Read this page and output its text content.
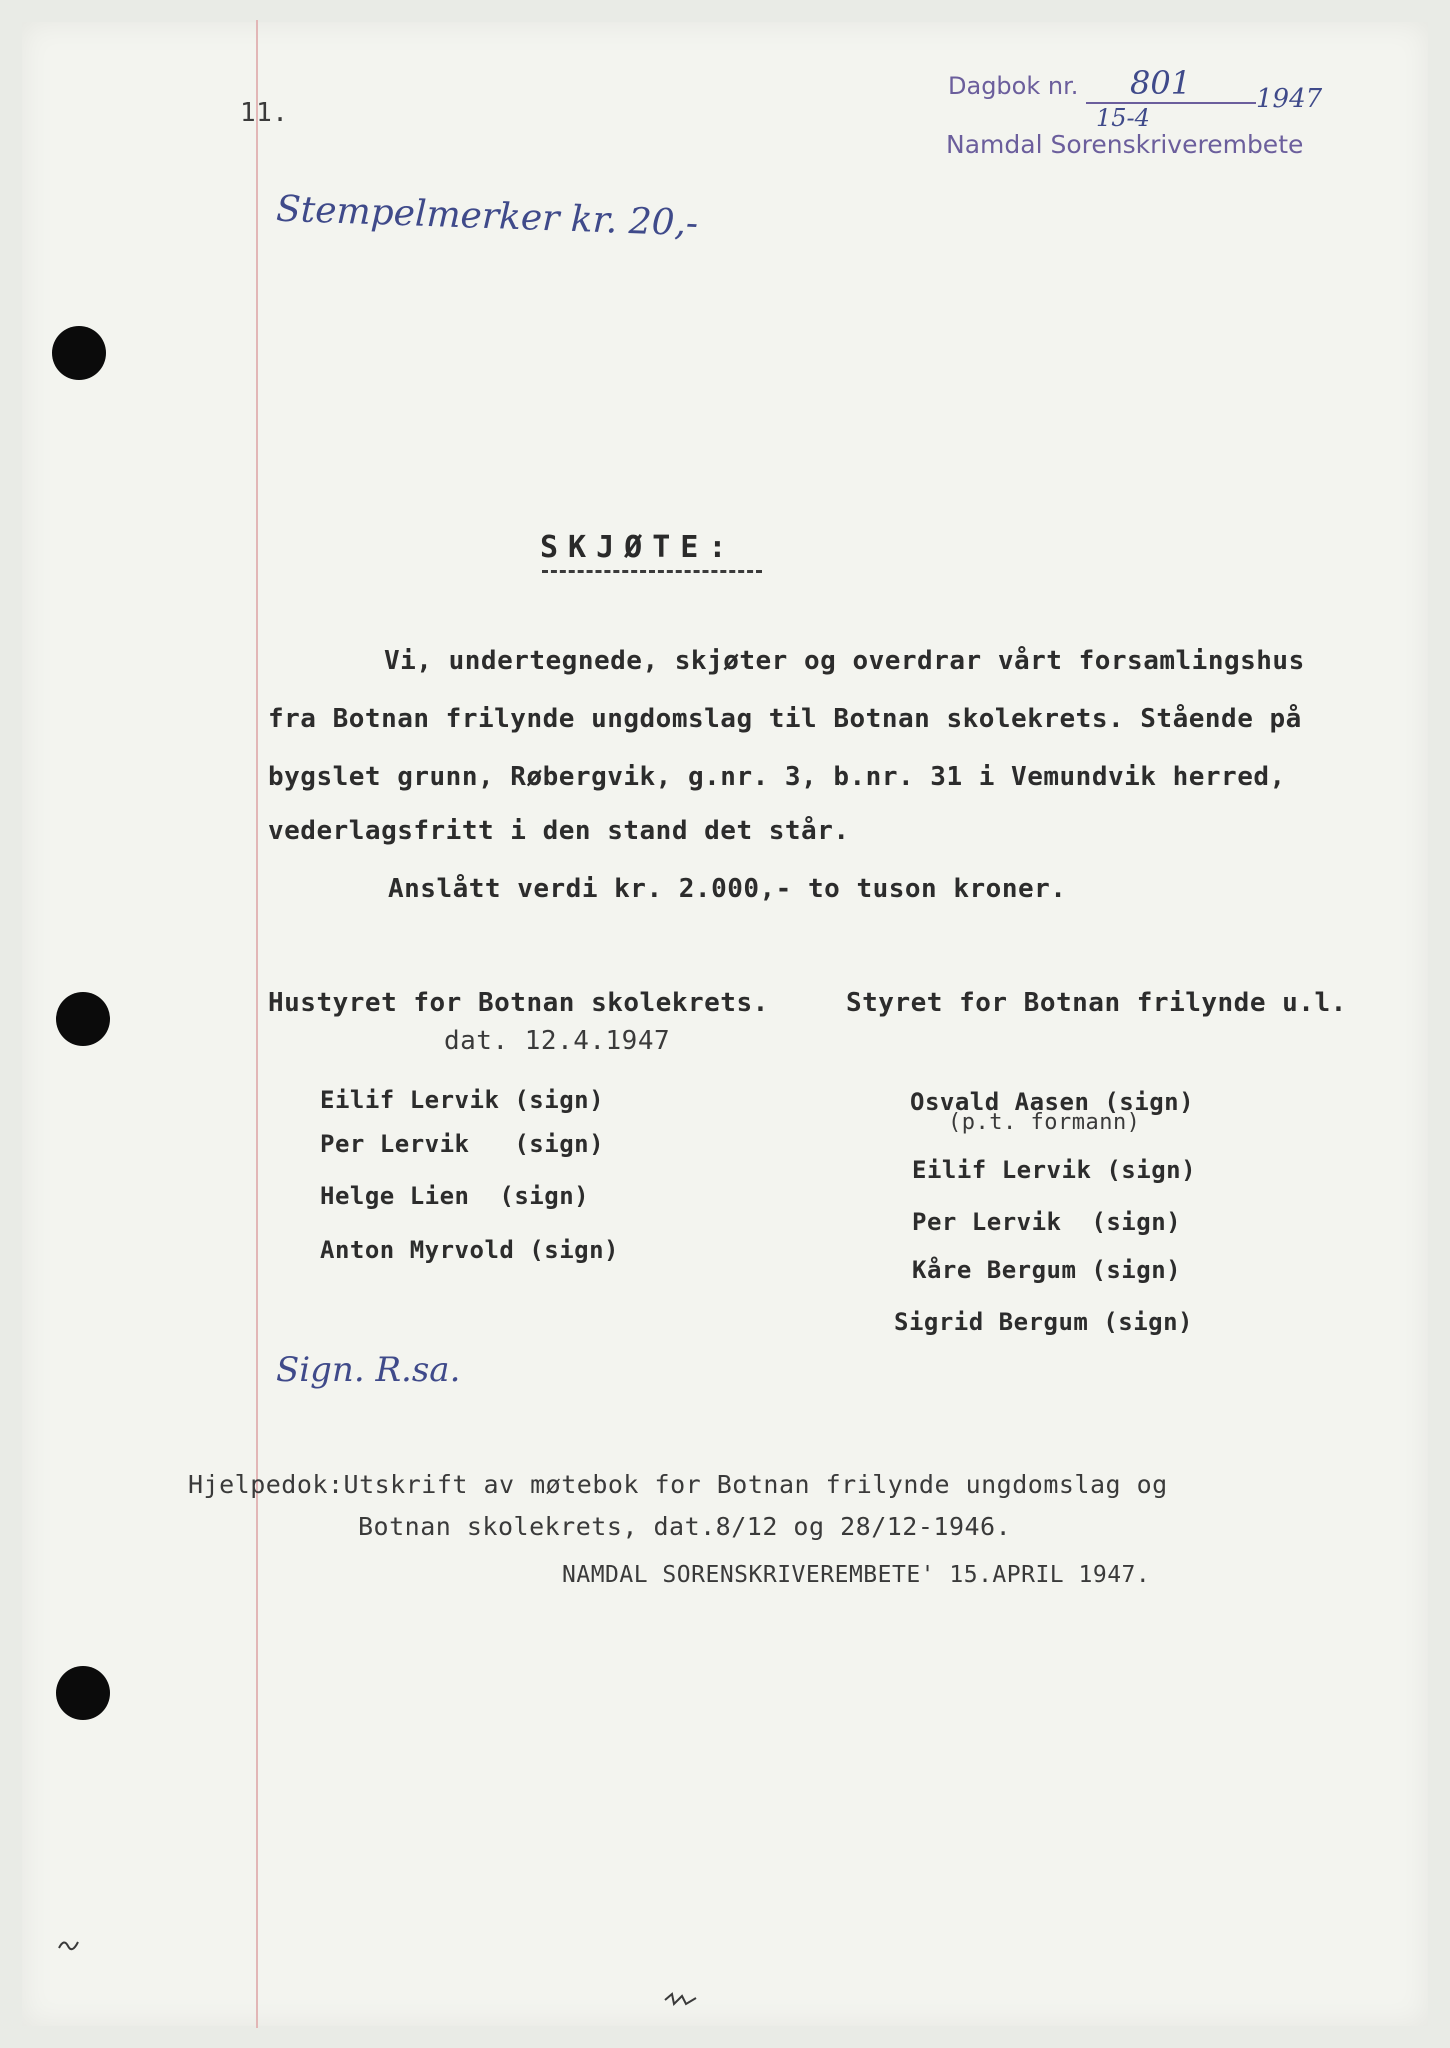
11.
Dagbok nr. 801 1947
15-4
Namdal Sorenskriverembete
Stempelmerker kr. 20,-
SKJØTE:
Vi, undertegnede, skjøter og overdrar vårt forsamlingshus
fra Botnan frilynde ungdomslag til Botnan skolekrets. Stående på
bygslet grunn, Røbergvik, g.nr. 3, b.nr. 31 i Vemundvik herred,
vederlagsfritt i den stand det står.
Anslått verdi kr. 2.000,- to tuson kroner.
Hustyret for Botnan skolekrets.	Styret for Botnan frilynde u.l.
dat. 12.4.1947
Eilif Lervik (sign)
Per Lervik   (sign)
Helge Lien  (sign)
Anton Myrvold (sign)
Osvald Aasen (sign)
(p.t. formann)
Eilif Lervik (sign)
Per Lervik  (sign)
Kåre Bergum (sign)
Sigrid Bergum (sign)
Sign. R.sa.
Hjelpedok:Utskrift av møtebok for Botnan frilynde ungdomslag og
Botnan skolekrets, dat.8/12 og 28/12-1946.
NAMDAL SORENSKRIVEREMBETE' 15.APRIL 1947.
